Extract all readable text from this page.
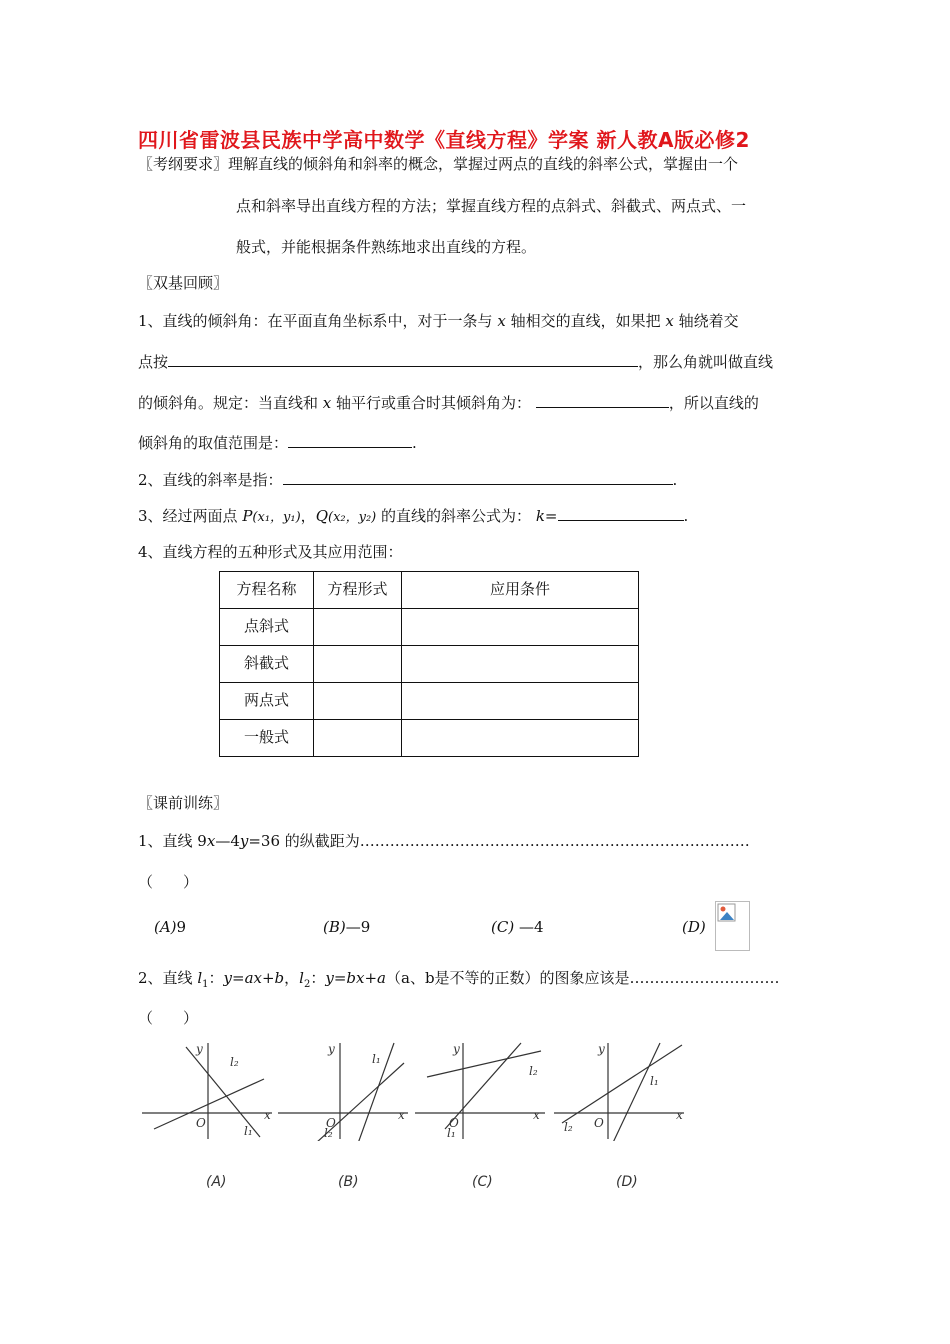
四川省雷波县民族中学高中数学《直线方程》学案 新人教A版必修2
〖考纲要求〗理解直线的倾斜角和斜率的概念，掌握过两点的直线的斜率公式，掌握由一个
点和斜率导出直线方程的方法；掌握直线方程的点斜式、斜截式、两点式、一
般式，并能根据条件熟练地求出直线的方程。
〖双基回顾〗
1、直线的倾斜角：在平面直角坐标系中，对于一条与 x 轴相交的直线，如果把 x 轴绕着交
点按	，那么角就叫做直线
的倾斜角。规定：当直线和 x 轴平行或重合时其倾斜角为：	，所以直线的
倾斜角的取值范围是：	.
2、直线的斜率是指：	.
3、经过两面点 P(x₁，y₁)，Q(x₂，y₂) 的直线的斜率公式为： k=	.
4、直线方程的五种形式及其应用范围：
方程名称	方程形式	应用条件
点斜式		
斜截式		
两点式		
一般式		
〖课前训练〗
1、直线 9x—4y=36 的纵截距为……………………………………………………………………
（　　）
(A)9	(B)—9	(C) —4	(D)
2、直线 $l_1$：y=ax+b，$l_2$：y=bx+a（a、b是不等的正数）的图象应该是…………………………
（　　）
y
x
O
l₂
l₁
y
x
O
l₁
l₂
y
x
O
l₂
l₁
y
x
O
l₁
l₂
(A)	(B)	(C)	(D)
